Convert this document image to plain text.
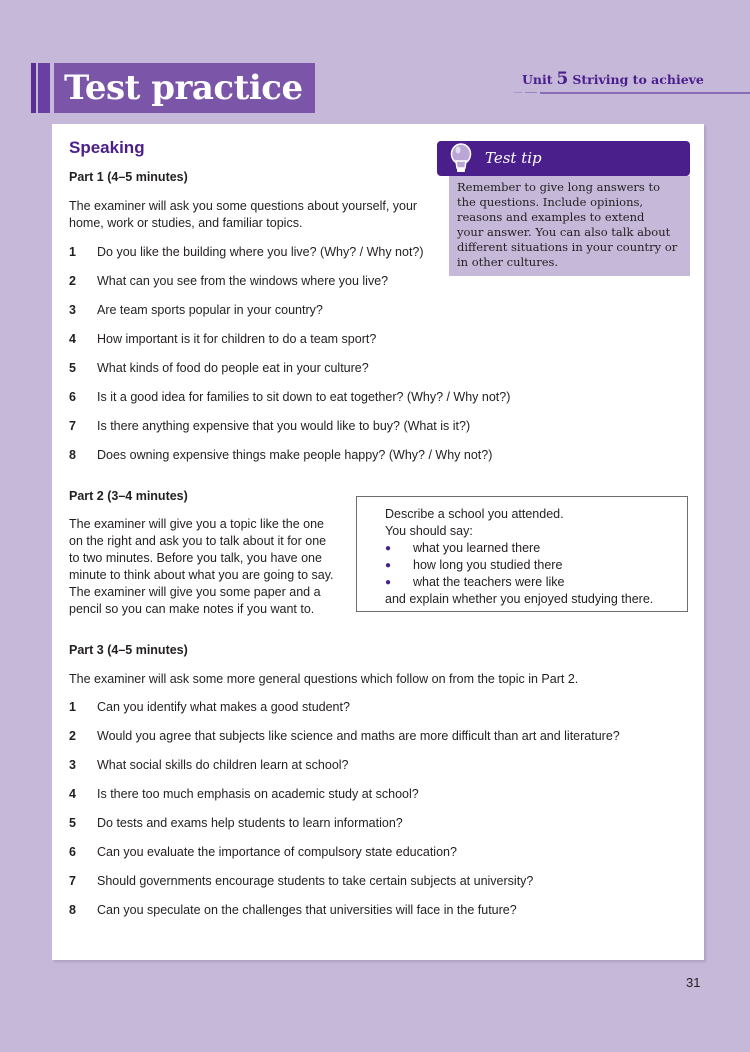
Test practice	Unit 5 Striving to achieve
Speaking
Test tip
Remember to give long answers to
the questions. Include opinions,
reasons and examples to extend
your answer. You can also talk about
different situations in your country or
in other cultures.
Part 1 (4–5 minutes)
The examiner will ask you some questions about yourself, your
home, work or studies, and familiar topics.
1	Do you like the building where you live? (Why? / Why not?)
2	What can you see from the windows where you live?
3	Are team sports popular in your country?
4	How important is it for children to do a team sport?
5	What kinds of food do people eat in your culture?
6	Is it a good idea for families to sit down to eat together? (Why? / Why not?)
7	Is there anything expensive that you would like to buy? (What is it?)
8	Does owning expensive things make people happy? (Why? / Why not?)
Part 2 (3–4 minutes)
The examiner will give you a topic like the one
on the right and ask you to talk about it for one
to two minutes. Before you talk, you have one
minute to think about what you are going to say.
The examiner will give you some paper and a
pencil so you can make notes if you want to.
Describe a school you attended.
You should say:
●	what you learned there
●	how long you studied there
●	what the teachers were like
and explain whether you enjoyed studying there.
Part 3 (4–5 minutes)
The examiner will ask some more general questions which follow on from the topic in Part 2.
1	Can you identify what makes a good student?
2	Would you agree that subjects like science and maths are more difficult than art and literature?
3	What social skills do children learn at school?
4	Is there too much emphasis on academic study at school?
5	Do tests and exams help students to learn information?
6	Can you evaluate the importance of compulsory state education?
7	Should governments encourage students to take certain subjects at university?
8	Can you speculate on the challenges that universities will face in the future?
31
